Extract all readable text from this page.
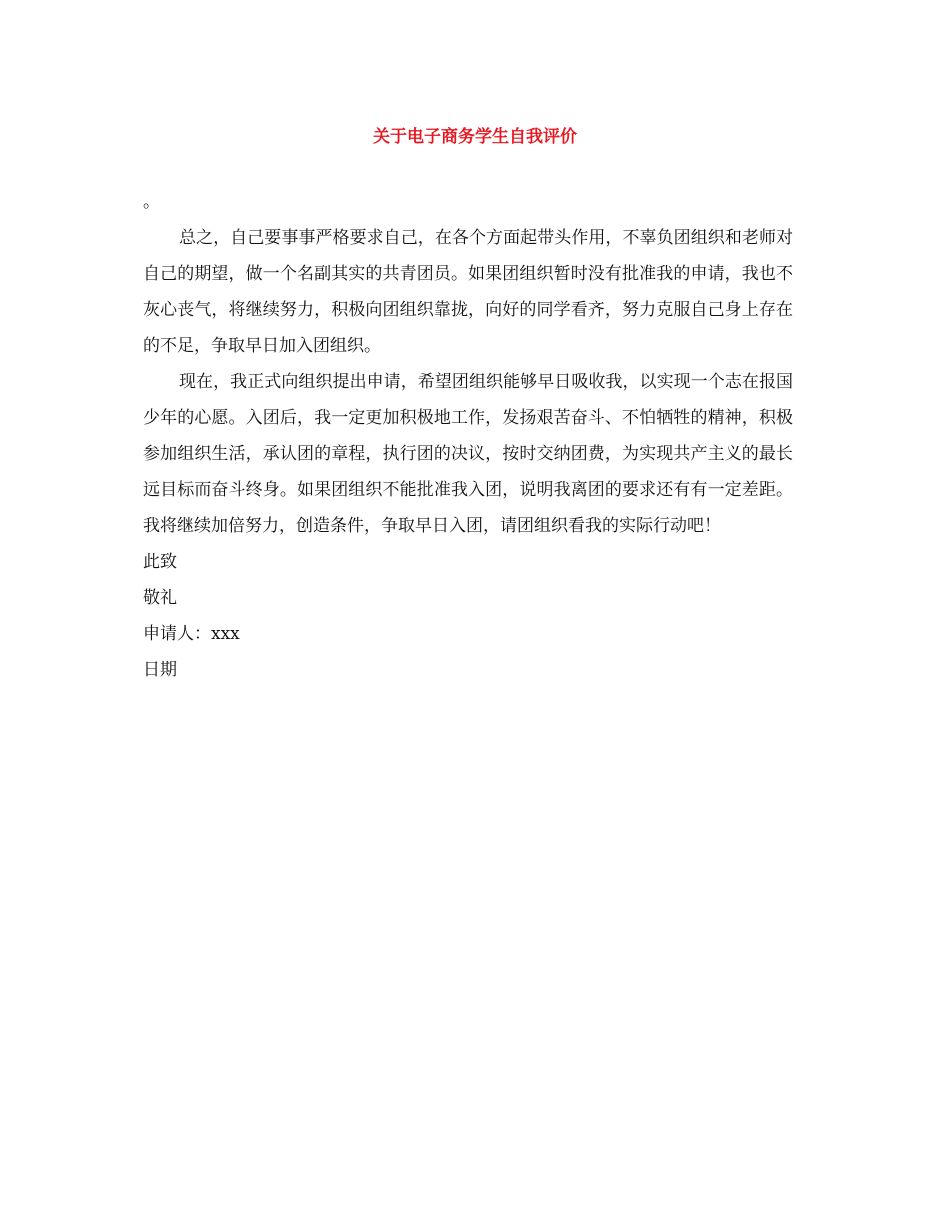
关于电子商务学生自我评价

。

总之，自己要事事严格要求自己，在各个方面起带头作用，不辜负团组织和老师对自己的期望，做一个名副其实的共青团员。如果团组织暂时没有批准我的申请，我也不灰心丧气，将继续努力，积极向团组织靠拢，向好的同学看齐，努力克服自己身上存在的不足，争取早日加入团组织。

现在，我正式向组织提出申请，希望团组织能够早日吸收我，以实现一个志在报国少年的心愿。入团后，我一定更加积极地工作，发扬艰苦奋斗、不怕牺牲的精神，积极参加组织生活，承认团的章程，执行团的决议，按时交纳团费，为实现共产主义的最长远目标而奋斗终身。如果团组织不能批准我入团，说明我离团的要求还有有一定差距。我将继续加倍努力，创造条件，争取早日入团，请团组织看我的实际行动吧！

此致

敬礼

申请人：xxx

日期
